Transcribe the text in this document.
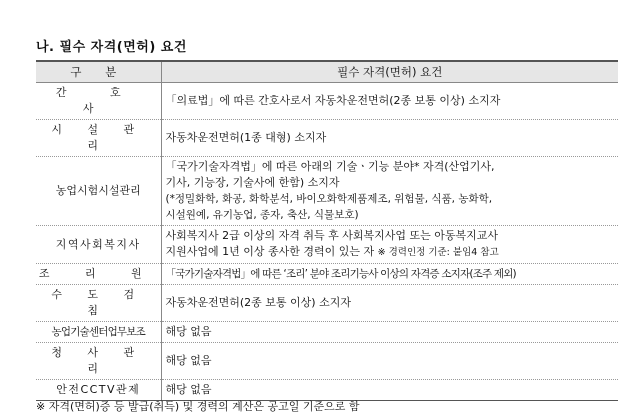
나. 필수 자격(면허) 요건
구 분	필수 자격(면허) 요건
간 호 사	「의료법」에 따른 간호사로서 자동차운전면허(2종 보통 이상) 소지자

시 설 관 리	자동차운전면허(1종 대형) 소지자

농업시험시설관리	「국가기술자격법」에 따른 아래의 기술ㆍ기능 분야* 자격(산업기사,
기사, 기능장, 기술사에 한함) 소지자
(*정밀화학, 화공, 화학분석, 바이오화학제품제조, 위험물, 식품, 농화학,
시설원예, 유기농업, 종자, 축산, 식물보호)

지역사회복지사	사회복지사 2급 이상의 자격 취득 후 사회복지사업 또는 아동복지교사
지원사업에 1년 이상 종사한 경력이 있는 자 ※ 경력인정 기준: 붙임4 참고

조 리 원	「국가기술자격법」에 따른 ‘조리’ 분야 조리기능사 이상의 자격증 소지자(조주 제외)

수 도 검 침	자동차운전면허(2종 보통 이상) 소지자

농업기술센터업무보조	해당 없음

청 사 관 리	해당 없음

안전CCTV관제	해당 없음
※ 자격(면허)증 등 발급(취득) 및 경력의 계산은 공고일 기준으로 함
